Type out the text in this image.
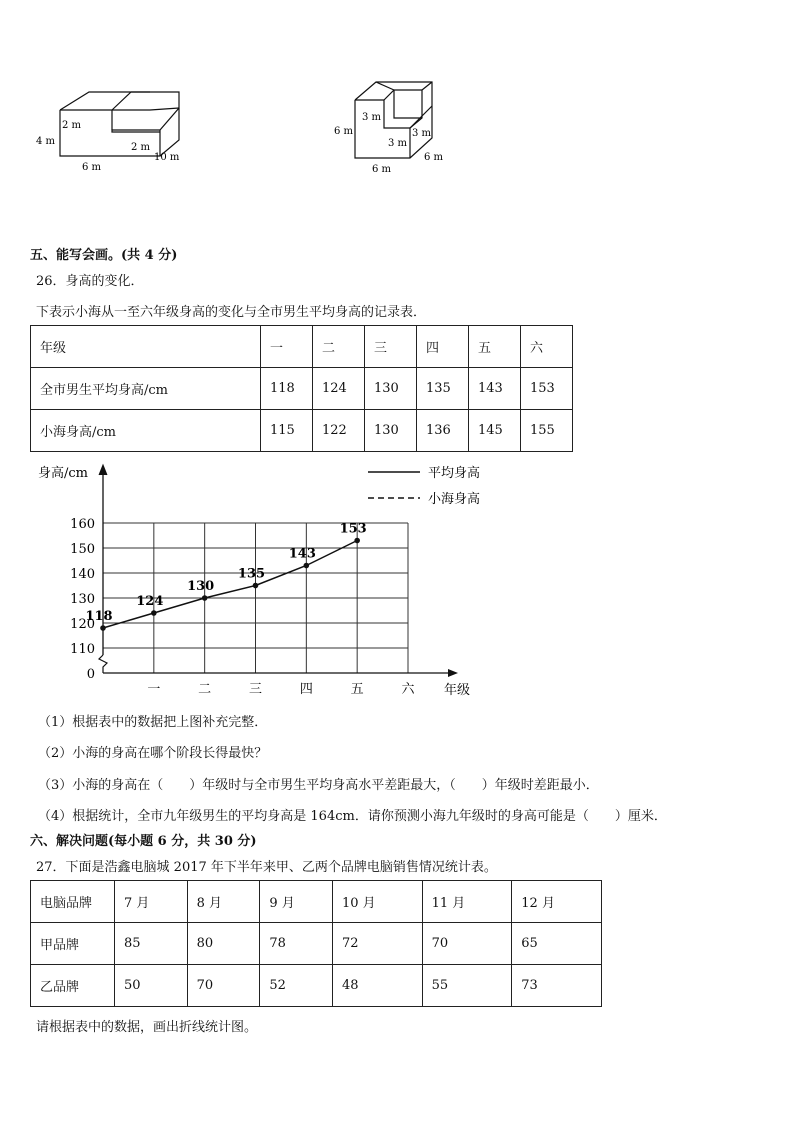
2 m
4 m
2 m
6 m
10 m
3 m
6 m	3 m
3 m
6 m
6 m
五、能写会画。(共 4 分)
26．身高的变化．
下表示小海从一至六年级身高的变化与全市男生平均身高的记录表．
年级	一	二	三	四	五	六
全市男生平均身高/cm	118	124	130	135	143	153
小海身高/cm	115	122	130	136	145	155
身高/cm
年级
平均身高
小海身高
160
150
140
130
120
110
0
一	二	三	四	五	六
118
124
130
135
143
153
（1）根据表中的数据把上图补充完整．
（2）小海的身高在哪个阶段长得最快？
（3）小海的身高在（　　）年级时与全市男生平均身高水平差距最大，（　　）年级时差距最小．
（4）根据统计，全市九年级男生的平均身高是 164cm．请你预测小海九年级时的身高可能是（　　）厘米．
六、解决问题(每小题 6 分，共 30 分)
27．下面是浩鑫电脑城 2017 年下半年来甲、乙两个品牌电脑销售情况统计表。
电脑品牌	7 月	8 月	9 月	10 月	11 月	12 月
甲品牌	85	80	78	72	70	65
乙品牌	50	70	52	48	55	73
请根据表中的数据，画出折线统计图。
